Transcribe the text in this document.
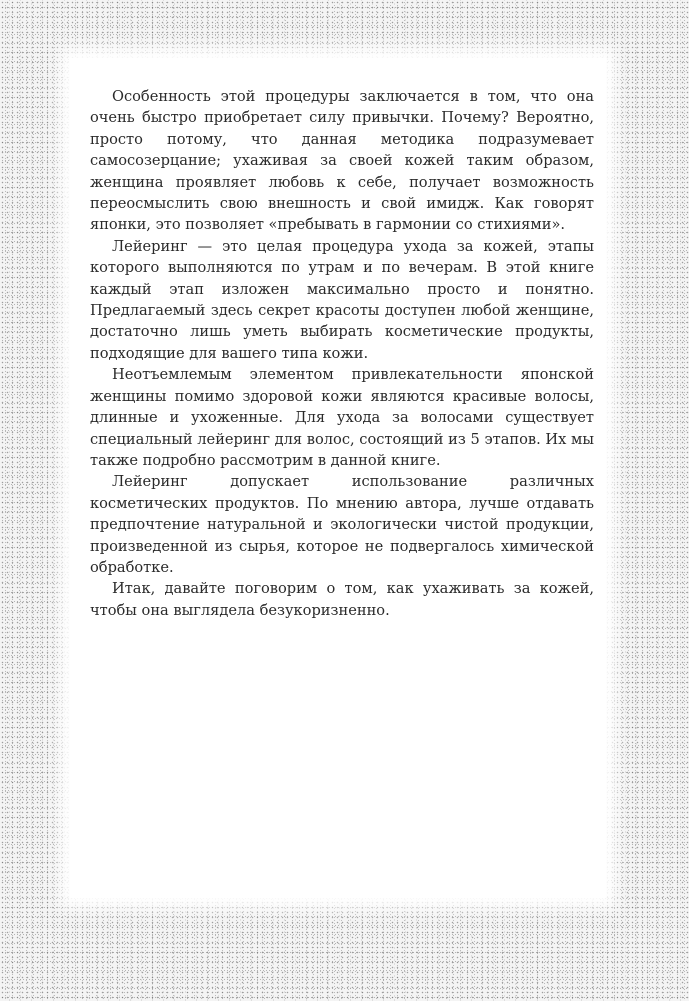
Особенность этой процедуры заключается в том, что она очень быстро приобретает силу привычки. Почему? Вероятно, просто потому, что данная методика подразумевает самосозерцание; ухаживая за своей кожей таким образом, женщина проявляет любовь к себе, получает возможность переосмыслить свою внешность и свой имидж. Как говорят японки, это позволяет «пребывать в гармонии со стихиями».

Лейеринг — это целая процедура ухода за кожей, этапы которого выполняются по утрам и по вечерам. В этой книге каждый этап изложен максимально просто и понятно. Предлагаемый здесь секрет красоты доступен любой женщине, достаточно лишь уметь выбирать косметические продукты, подходящие для вашего типа кожи.

Неотъемлемым элементом привлекательности японской женщины помимо здоровой кожи являются красивые волосы, длинные и ухоженные. Для ухода за волосами существует специальный лейеринг для волос, состоящий из 5 этапов. Их мы также подробно рассмотрим в данной книге.

Лейеринг допускает использование различных косметических продуктов. По мнению автора, лучше отдавать предпочтение натуральной и экологически чистой продукции, произведенной из сырья, которое не подвергалось химической обработке.

Итак, давайте поговорим о том, как ухаживать за кожей, чтобы она выглядела безукоризненно.
